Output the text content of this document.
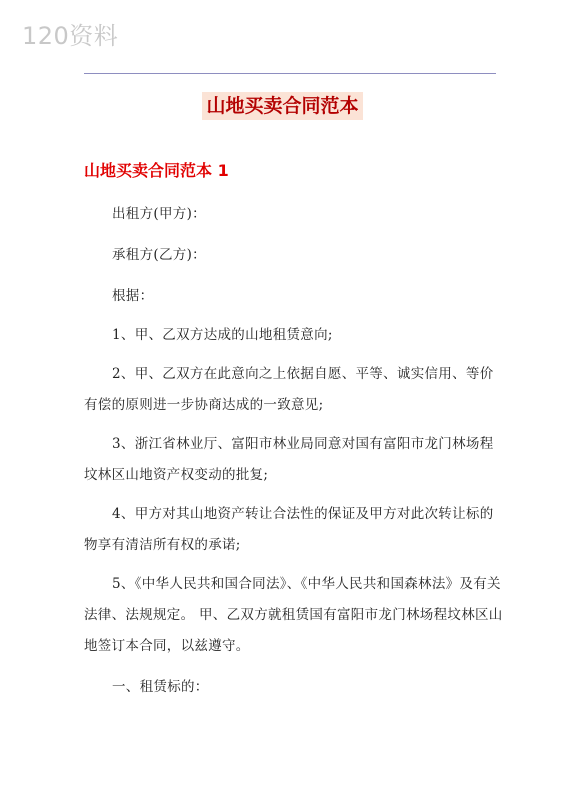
120资料
山地买卖合同范本
山地买卖合同范本 1

出租方(甲方)：

承租方(乙方)：

根据：

1、甲、乙双方达成的山地租赁意向;

2、甲、乙双方在此意向之上依据自愿、平等、诚实信用、等价有偿的原则进一步协商达成的一致意见;

3、浙江省林业厅、富阳市林业局同意对国有富阳市龙门林场程坟林区山地资产权变动的批复;

4、甲方对其山地资产转让合法性的保证及甲方对此次转让标的物享有清洁所有权的承诺;

5、《中华人民共和国合同法》、《中华人民共和国森林法》及有关法律、法规规定。 甲、乙双方就租赁国有富阳市龙门林场程坟林区山地签订本合同，以兹遵守。

一、租赁标的：
